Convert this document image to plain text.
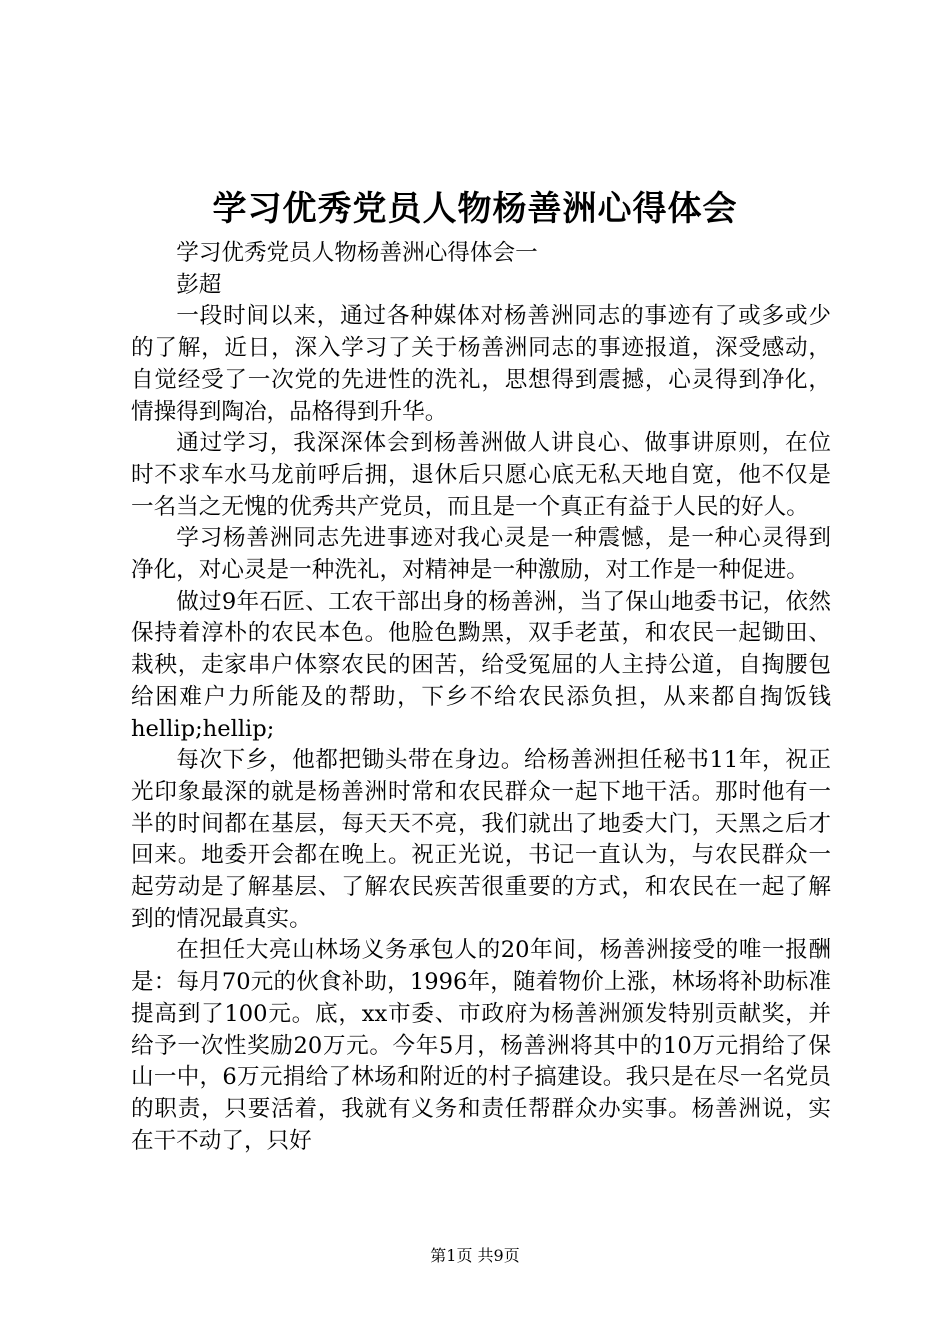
学习优秀党员人物杨善洲心得体会

学习优秀党员人物杨善洲心得体会一

彭超

一段时间以来，通过各种媒体对杨善洲同志的事迹有了或多或少的了解，近日，深入学习了关于杨善洲同志的事迹报道，深受感动，自觉经受了一次党的先进性的洗礼，思想得到震撼，心灵得到净化，情操得到陶冶，品格得到升华。

通过学习，我深深体会到杨善洲做人讲良心、做事讲原则，在位时不求车水马龙前呼后拥，退休后只愿心底无私天地自宽，他不仅是一名当之无愧的优秀共产党员，而且是一个真正有益于人民的好人。

学习杨善洲同志先进事迹对我心灵是一种震憾，是一种心灵得到净化，对心灵是一种洗礼，对精神是一种激励，对工作是一种促进。

做过9年石匠、工农干部出身的杨善洲，当了保山地委书记，依然保持着淳朴的农民本色。他脸色黝黑，双手老茧，和农民一起锄田、栽秧，走家串户体察农民的困苦，给受冤屈的人主持公道，自掏腰包给困难户力所能及的帮助，下乡不给农民添负担，从来都自掏饭钱hellip;hellip;

每次下乡，他都把锄头带在身边。给杨善洲担任秘书11年，祝正光印象最深的就是杨善洲时常和农民群众一起下地干活。那时他有一半的时间都在基层，每天天不亮，我们就出了地委大门，天黑之后才回来。地委开会都在晚上。祝正光说，书记一直认为，与农民群众一起劳动是了解基层、了解农民疾苦很重要的方式，和农民在一起了解到的情况最真实。

在担任大亮山林场义务承包人的20年间，杨善洲接受的唯一报酬是：每月70元的伙食补助，1996年，随着物价上涨，林场将补助标准提高到了100元。底，xx市委、市政府为杨善洲颁发特别贡献奖，并给予一次性奖励20万元。今年5月，杨善洲将其中的10万元捐给了保山一中，6万元捐给了林场和附近的村子搞建设。我只是在尽一名党员的职责，只要活着，我就有义务和责任帮群众办实事。杨善洲说，实在干不动了，只好

第1页 共9页
